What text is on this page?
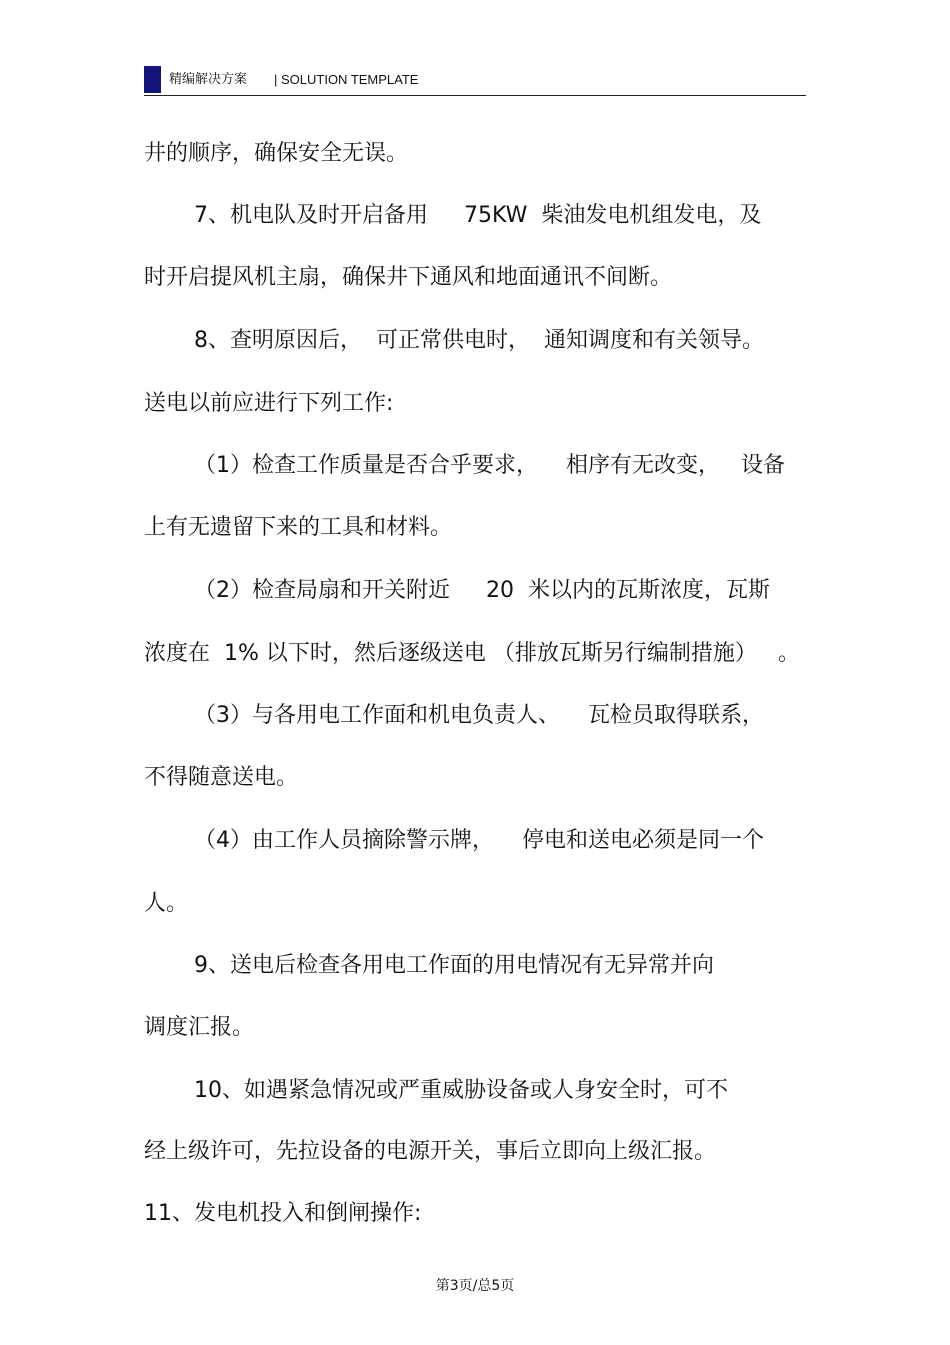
精编解决方案 | SOLUTION TEMPLATE
井的顺序，确保安全无误。
7、机电队及时开启备用　  75KW  柴油发电机组发电，及
时开启提风机主扇，确保井下通风和地面通讯不间断。
8、查明原因后，  可正常供电时，  通知调度和有关领导。
送电以前应进行下列工作:
（1）检查工作质量是否合乎要求，    相序有无改变，   设备
上有无遗留下来的工具和材料。
（2）检查局扇和开关附近　  20  米以内的瓦斯浓度，瓦斯
浓度在  1% 以下时，然后逐级送电 （排放瓦斯另行编制措施）   。
（3）与各用电工作面和机电负责人、    瓦检员取得联系，
不得随意送电。
（4）由工作人员摘除警示牌，    停电和送电必须是同一个
人。
9、送电后检查各用电工作面的用电情况有无异常并向
调度汇报。
10、如遇紧急情况或严重威胁设备或人身安全时，可不
经上级许可，先拉设备的电源开关，事后立即向上级汇报。
11、发电机投入和倒闸操作:
第3页/总5页
